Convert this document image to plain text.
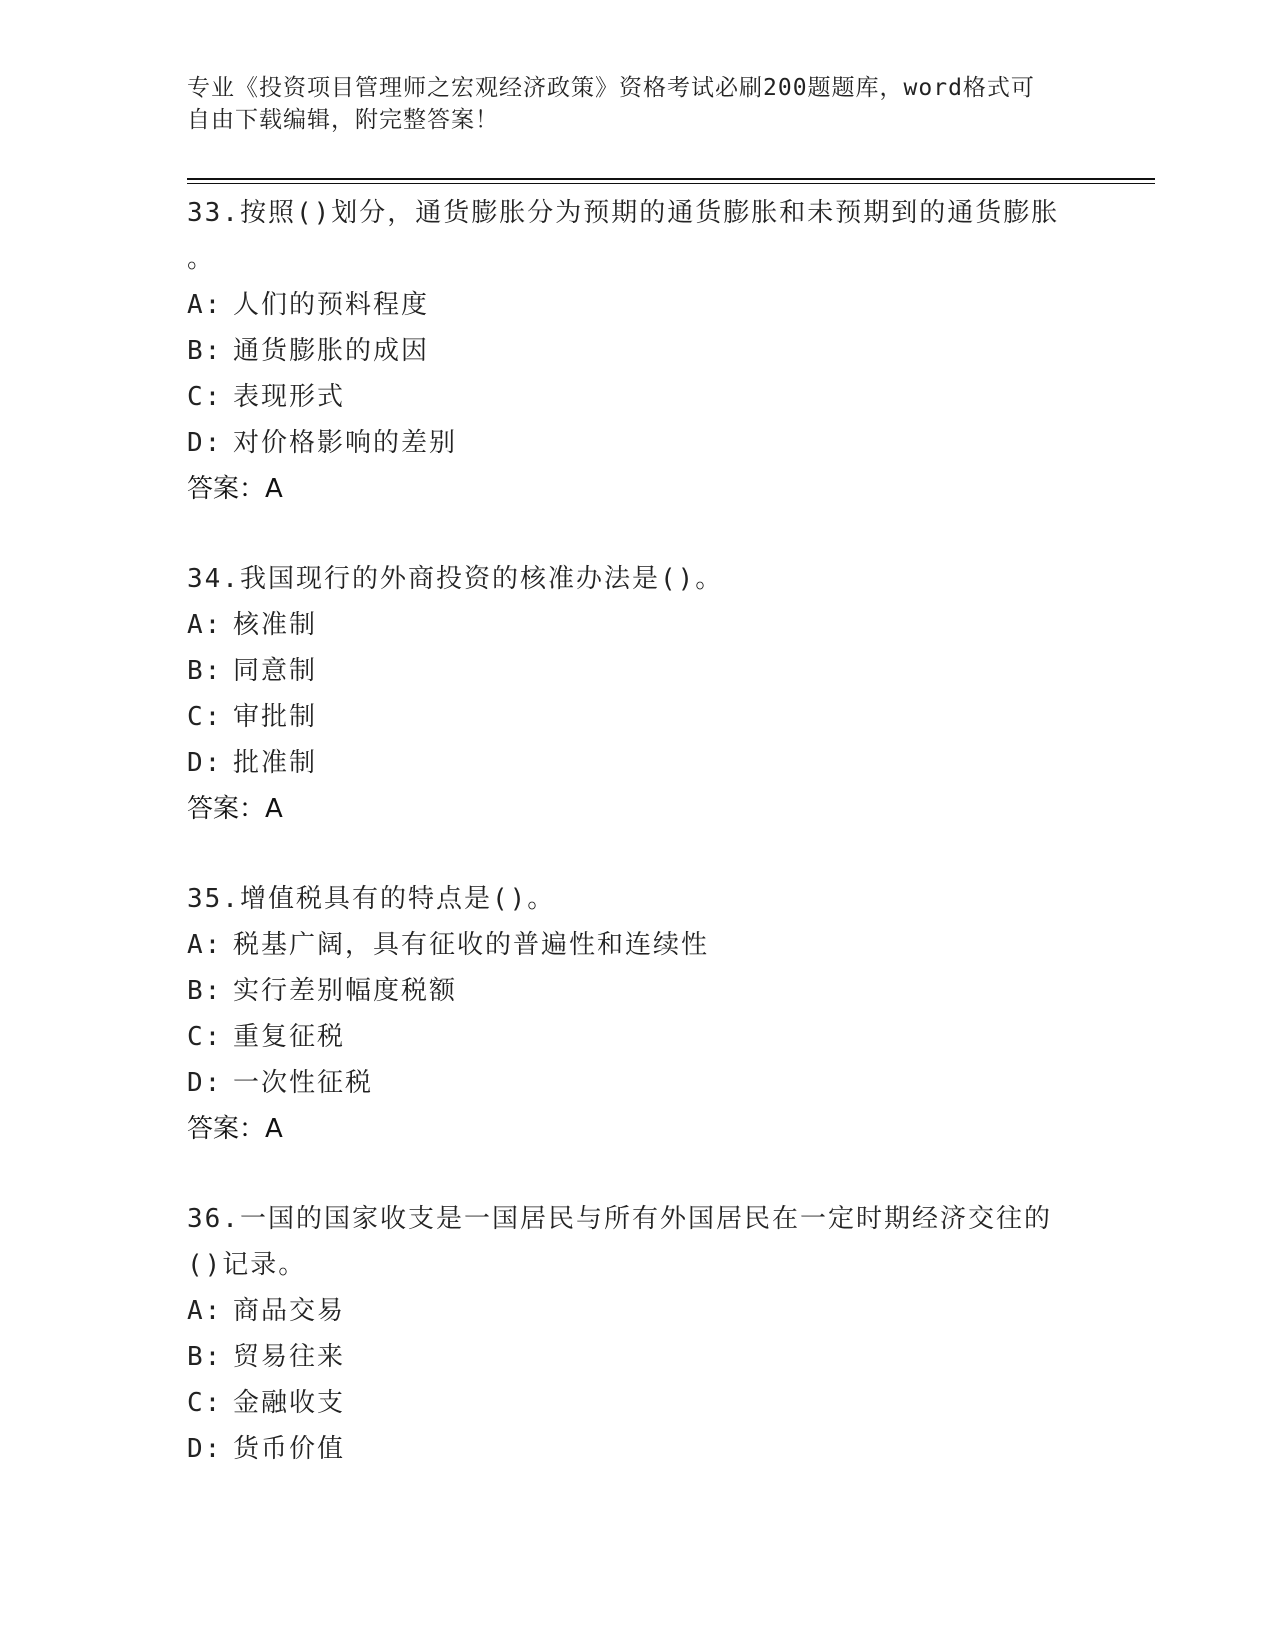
专业《投资项目管理师之宏观经济政策》资格考试必刷200题题库，word格式可
自由下载编辑，附完整答案！
33.按照()划分，通货膨胀分为预期的通货膨胀和未预期到的通货膨胀
。
A: 人们的预料程度
B: 通货膨胀的成因
C: 表现形式
D: 对价格影响的差别
答案：A
34.我国现行的外商投资的核准办法是()。
A: 核准制
B: 同意制
C: 审批制
D: 批准制
答案：A
35.增值税具有的特点是()。
A: 税基广阔，具有征收的普遍性和连续性
B: 实行差别幅度税额
C: 重复征税
D: 一次性征税
答案：A
36.一国的国家收支是一国居民与所有外国居民在一定时期经济交往的
()记录。
A: 商品交易
B: 贸易往来
C: 金融收支
D: 货币价值
